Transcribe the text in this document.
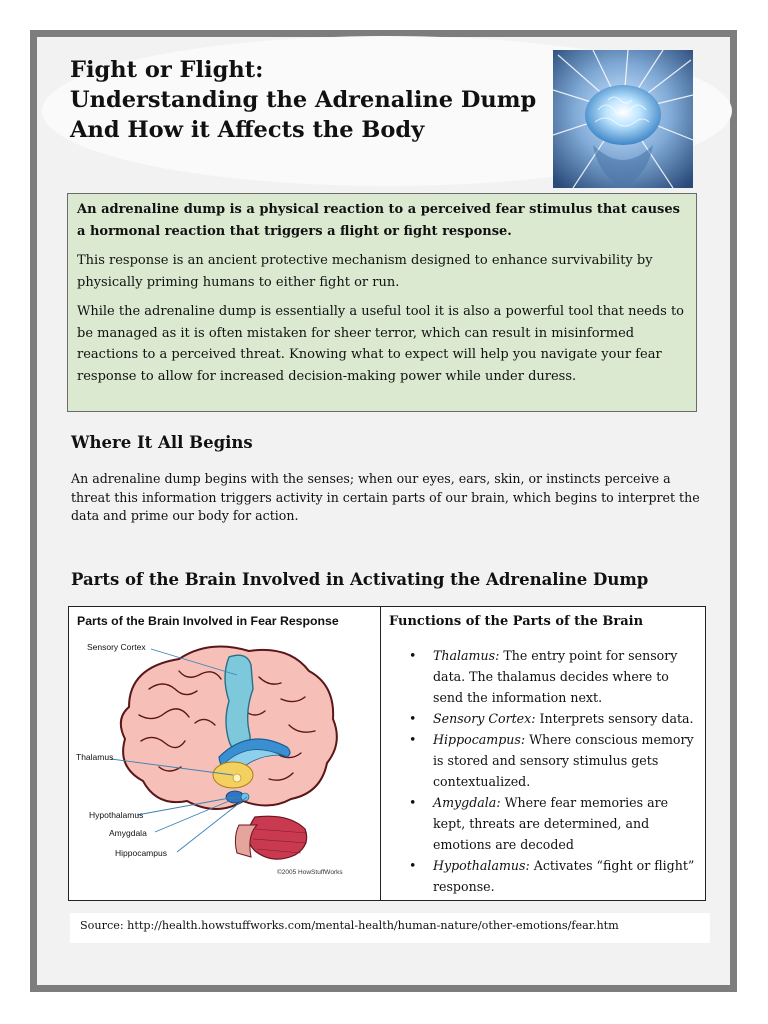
Fight or Flight:
Understanding the Adrenaline Dump
And How it Affects the Body

An adrenaline dump is a physical reaction to a perceived fear stimulus that causes a hormonal reaction that triggers a flight or fight response.

This response is an ancient protective mechanism designed to enhance survivability by physically priming humans to either fight or run.

While the adrenaline dump is essentially a useful tool it is also a powerful tool that needs to be managed as it is often mistaken for sheer terror, which can result in misinformed reactions to a perceived threat. Knowing what to expect will help you navigate your fear response to allow for increased decision-making power while under duress.

Where It All Begins

An adrenaline dump begins with the senses; when our eyes, ears, skin, or instincts perceive a threat this information triggers activity in certain parts of our brain, which begins to interpret the data and prime our body for action.

Parts of the Brain Involved in Activating the Adrenaline Dump
Parts of the Brain Involved in Fear Response
Sensory Cortex
Thalamus
Hypothalamus
Amygdala
Hippocampus
©2005 HowStuffWorks
Functions of the Parts of the Brain
• Thalamus: The entry point for sensory data. The thalamus decides where to send the information next.
• Sensory Cortex: Interprets sensory data.
• Hippocampus: Where conscious memory is stored and sensory stimulus gets contextualized.
• Amygdala: Where fear memories are kept, threats are determined, and emotions are decoded
• Hypothalamus: Activates “fight or flight” response.
Source: http://health.howstuffworks.com/mental-health/human-nature/other-emotions/fear.htm
